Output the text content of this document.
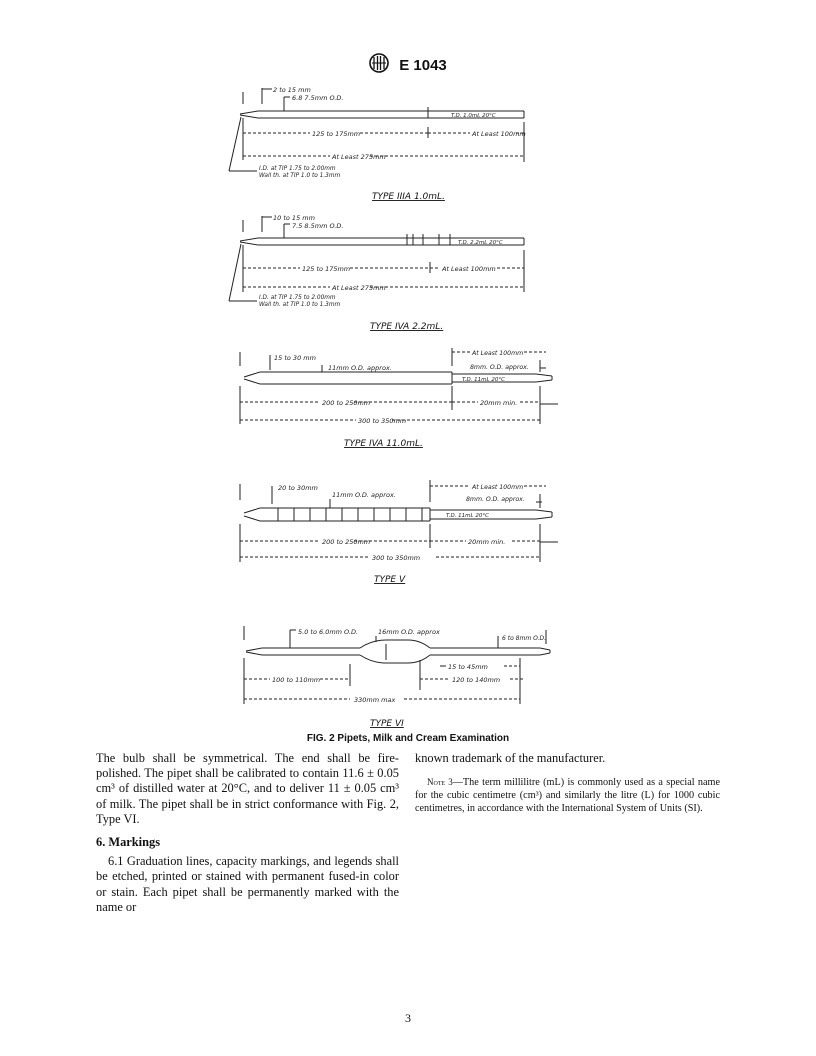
E 1043
2 to 15 mm
6.8 7.5mm O.D.
T.D. 1.0mL 20°C
125 to 175mm	At Least 100mm
At Least 275mm
I.D. at TIP 1.75 to 2.00mm
Wall th. at TIP 1.0 to 1.3mm
TYPE IIIA 1.0mL.
10 to 15 mm
7.5 8.5mm O.D.
T.D. 2.2mL 20°C
125 to 175mm	At Least 100mm
At Least 275mm
I.D. at TIP 1.75 to 2.00mm
Wall th. at TIP 1.0 to 1.3mm
TYPE IVA 2.2mL.
15 to 30 mm
11mm O.D. approx.
At Least 100mm
8mm. O.D. approx.
T.D. 11mL 20°C
200 to 250mm	20mm min.
300 to 350mm
TYPE IVA 11.0mL.
20 to 30mm
11mm O.D. approx.
At Least 100mm
8mm. O.D. approx.
T.D. 11mL 20°C
200 to 250mm	20mm min.
300 to 350mm
TYPE V
5.0 to 6.0mm O.D.	16mm O.D. approx
6 to 8mm O.D.
15 to 45mm
100 to 110mm	120 to 140mm
330mm max
TYPE VI
FIG. 2 Pipets, Milk and Cream Examination

The bulb shall be symmetrical. The end shall be fire-polished. The pipet shall be calibrated to contain 11.6 ± 0.05 cm³ of distilled water at 20°C, and to deliver 11 ± 0.05 cm³ of milk. The pipet shall be in strict conformance with Fig. 2, Type VI.

6. Markings

6.1 Graduation lines, capacity markings, and legends shall be etched, printed or stained with permanent fused-in color or stain. Each pipet shall be permanently marked with the name or

known trademark of the manufacturer.

Note 3—The term millilitre (mL) is commonly used as a special name for the cubic centimetre (cm³) and similarly the litre (L) for 1000 cubic centimetres, in accordance with the International System of Units (SI).

3
